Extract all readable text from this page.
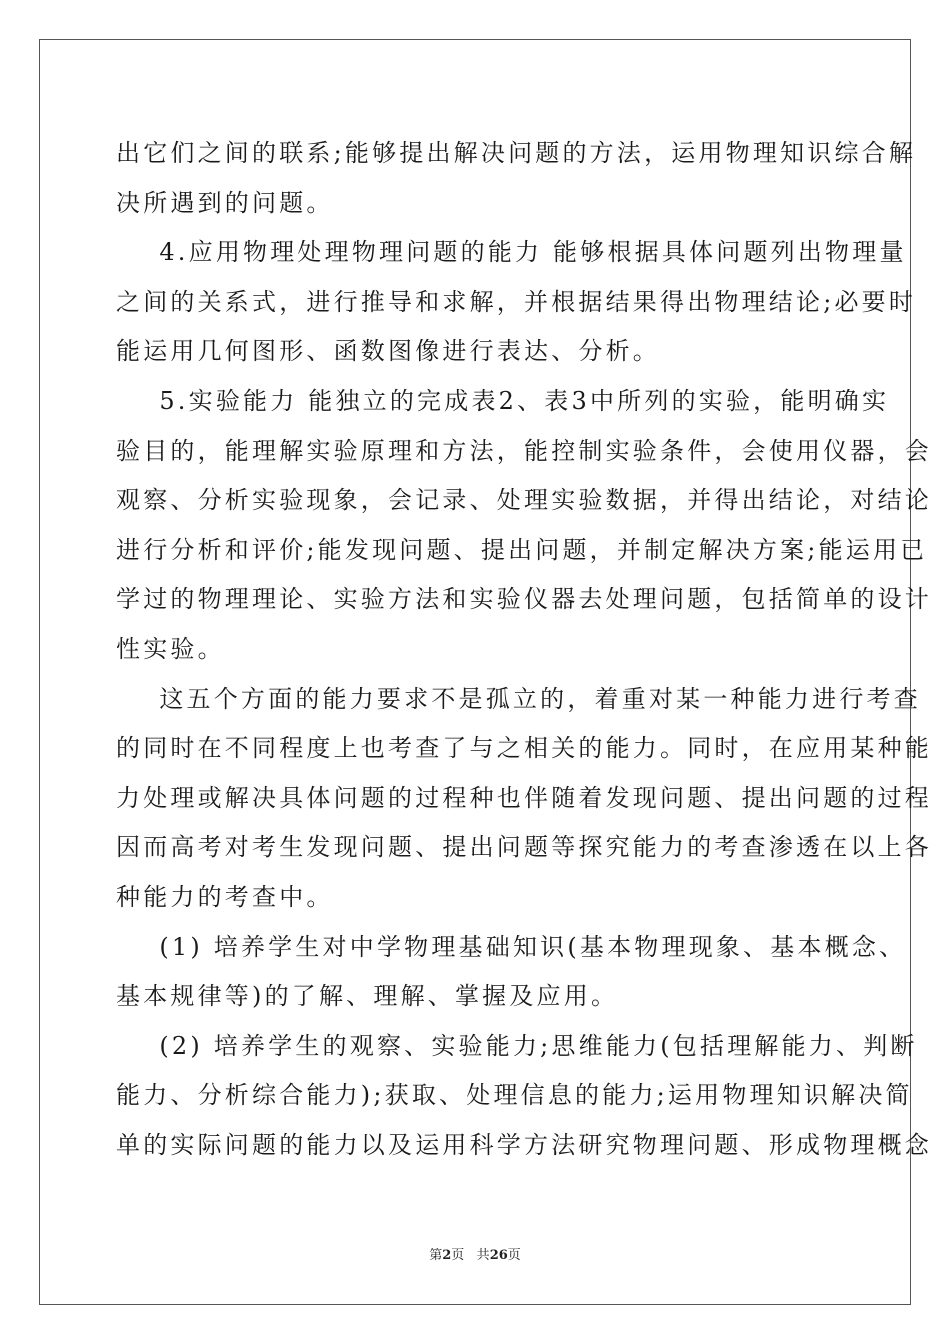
出它们之间的联系;能够提出解决问题的方法，运用物理知识综合解
决所遇到的问题。
4.应用物理处理物理问题的能力 能够根据具体问题列出物理量
之间的关系式，进行推导和求解，并根据结果得出物理结论;必要时
能运用几何图形、函数图像进行表达、分析。
5.实验能力 能独立的完成表2、表3中所列的实验，能明确实
验目的，能理解实验原理和方法，能控制实验条件，会使用仪器，会
观察、分析实验现象，会记录、处理实验数据，并得出结论，对结论
进行分析和评价;能发现问题、提出问题，并制定解决方案;能运用已
学过的物理理论、实验方法和实验仪器去处理问题，包括简单的设计
性实验。
这五个方面的能力要求不是孤立的，着重对某一种能力进行考查
的同时在不同程度上也考查了与之相关的能力。同时，在应用某种能
力处理或解决具体问题的过程种也伴随着发现问题、提出问题的过程
因而高考对考生发现问题、提出问题等探究能力的考查渗透在以上各
种能力的考查中。
(1) 培养学生对中学物理基础知识(基本物理现象、基本概念、
基本规律等)的了解、理解、掌握及应用。
(2) 培养学生的观察、实验能力;思维能力(包括理解能力、判断
能力、分析综合能力);获取、处理信息的能力;运用物理知识解决简
单的实际问题的能力以及运用科学方法研究物理问题、形成物理概念
第2页 共26页
